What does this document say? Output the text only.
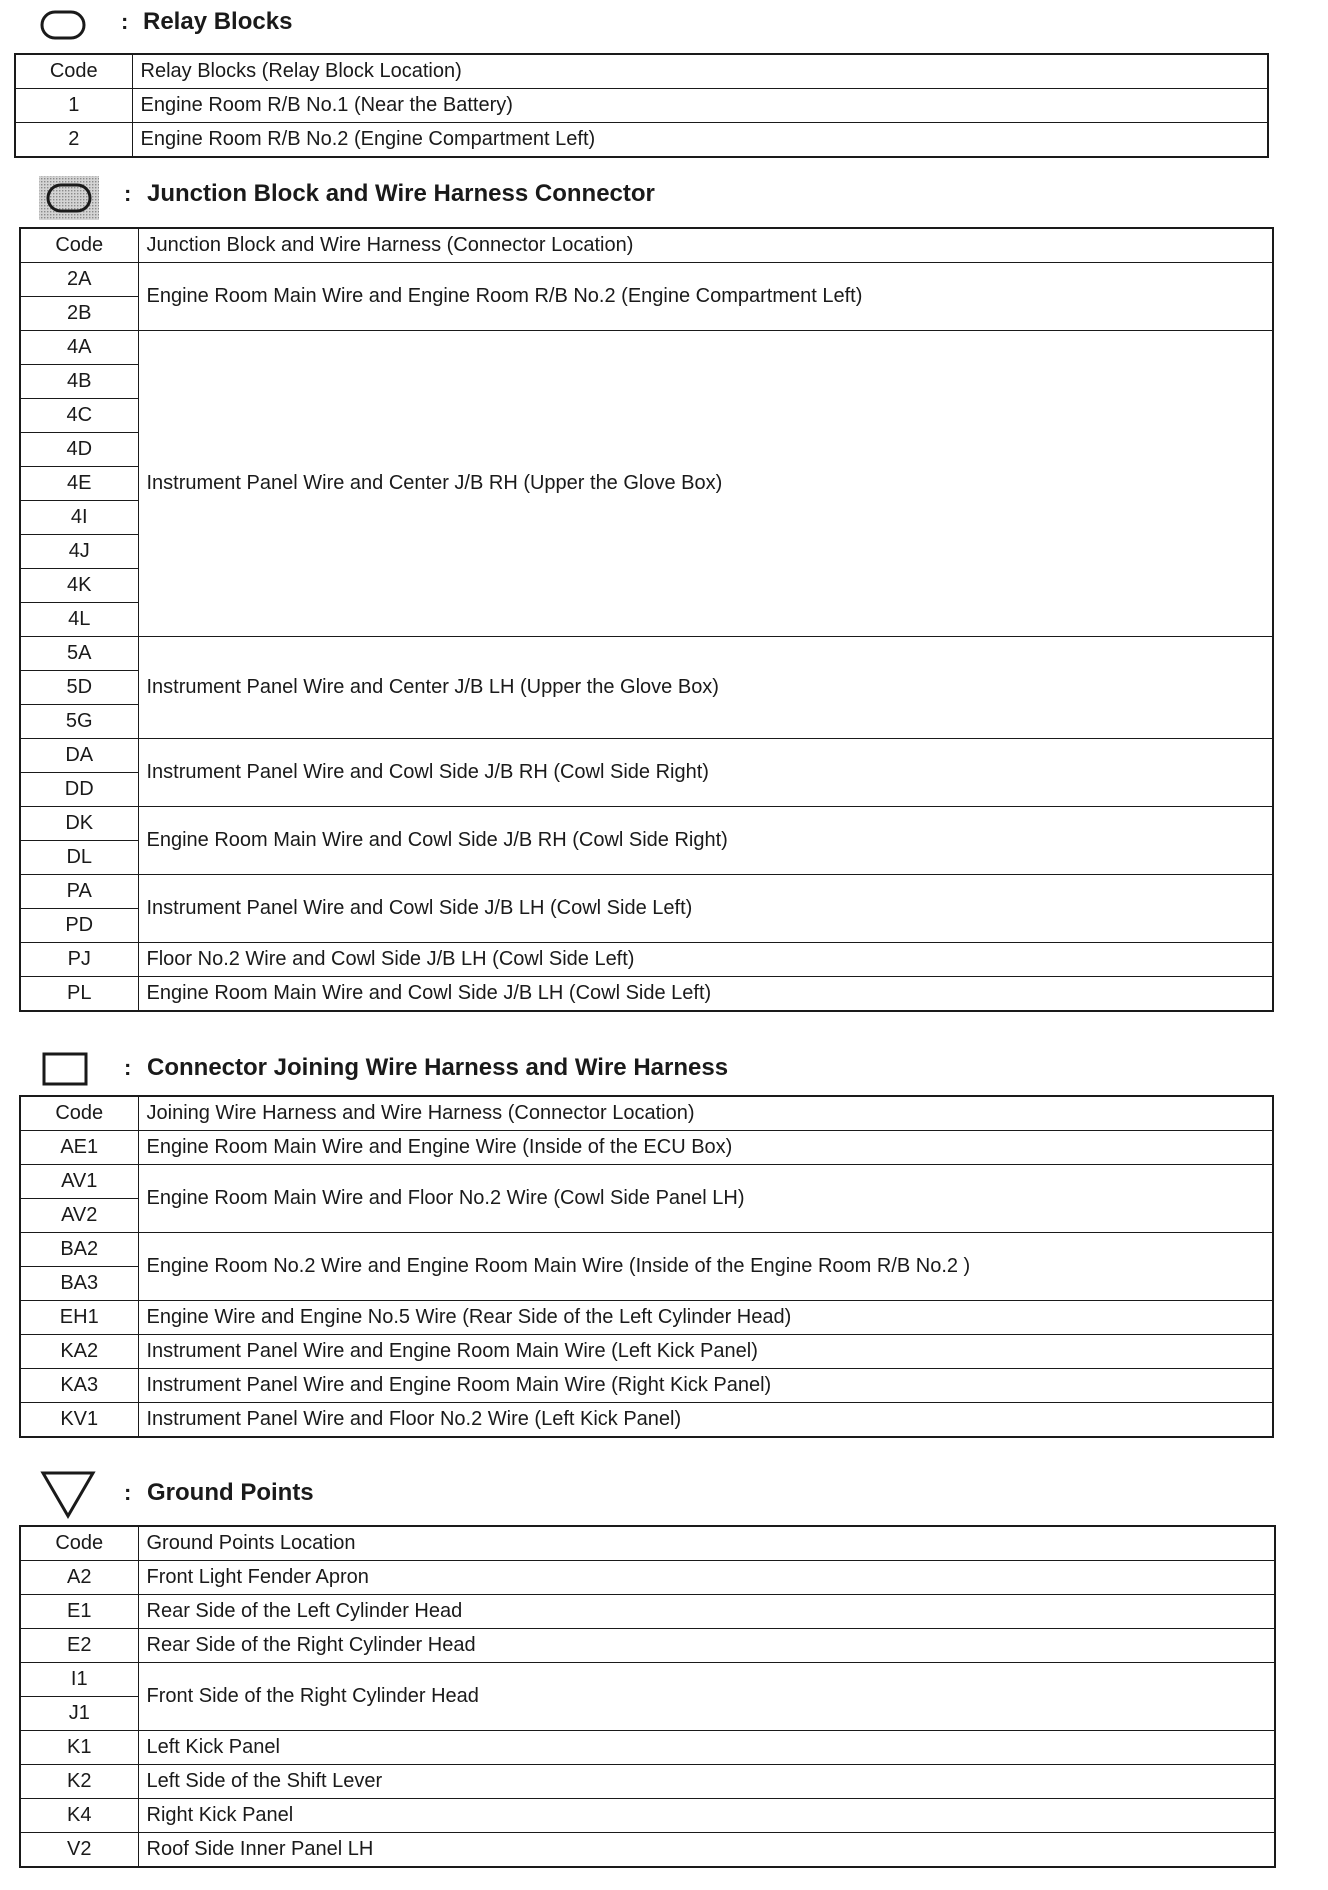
: Relay Blocks
Code	Relay Blocks (Relay Block Location)
1	Engine Room R/B No.1 (Near the Battery)
2	Engine Room R/B No.2 (Engine Compartment Left)
: Junction Block and Wire Harness Connector
Code	Junction Block and Wire Harness (Connector Location)
2A	Engine Room Main Wire and Engine Room R/B No.2 (Engine Compartment Left)
2B	
4A	Instrument Panel Wire and Center J/B RH (Upper the Glove Box)
4B	
4C	
4D	
4E	
4I	
4J	
4K	
4L	
5A	Instrument Panel Wire and Center J/B LH (Upper the Glove Box)
5D	
5G	
DA	Instrument Panel Wire and Cowl Side J/B RH (Cowl Side Right)
DD	
DK	Engine Room Main Wire and Cowl Side J/B RH (Cowl Side Right)
DL	
PA	Instrument Panel Wire and Cowl Side J/B LH (Cowl Side Left)
PD	
PJ	Floor No.2 Wire and Cowl Side J/B LH (Cowl Side Left)
PL	Engine Room Main Wire and Cowl Side J/B LH (Cowl Side Left)
: Connector Joining Wire Harness and Wire Harness
Code	Joining Wire Harness and Wire Harness (Connector Location)
AE1	Engine Room Main Wire and Engine Wire (Inside of the ECU Box)
AV1	Engine Room Main Wire and Floor No.2 Wire (Cowl Side Panel LH)
AV2	
BA2	Engine Room No.2 Wire and Engine Room Main Wire (Inside of the Engine Room R/B No.2 )
BA3	
EH1	Engine Wire and Engine No.5 Wire (Rear Side of the Left Cylinder Head)
KA2	Instrument Panel Wire and Engine Room Main Wire (Left Kick Panel)
KA3	Instrument Panel Wire and Engine Room Main Wire (Right Kick Panel)
KV1	Instrument Panel Wire and Floor No.2 Wire (Left Kick Panel)
: Ground Points
Code	Ground Points Location
A2	Front Light Fender Apron
E1	Rear Side of the Left Cylinder Head
E2	Rear Side of the Right Cylinder Head
I1	Front Side of the Right Cylinder Head
J1	
K1	Left Kick Panel
K2	Left Side of the Shift Lever
K4	Right Kick Panel
V2	Roof Side Inner Panel LH
